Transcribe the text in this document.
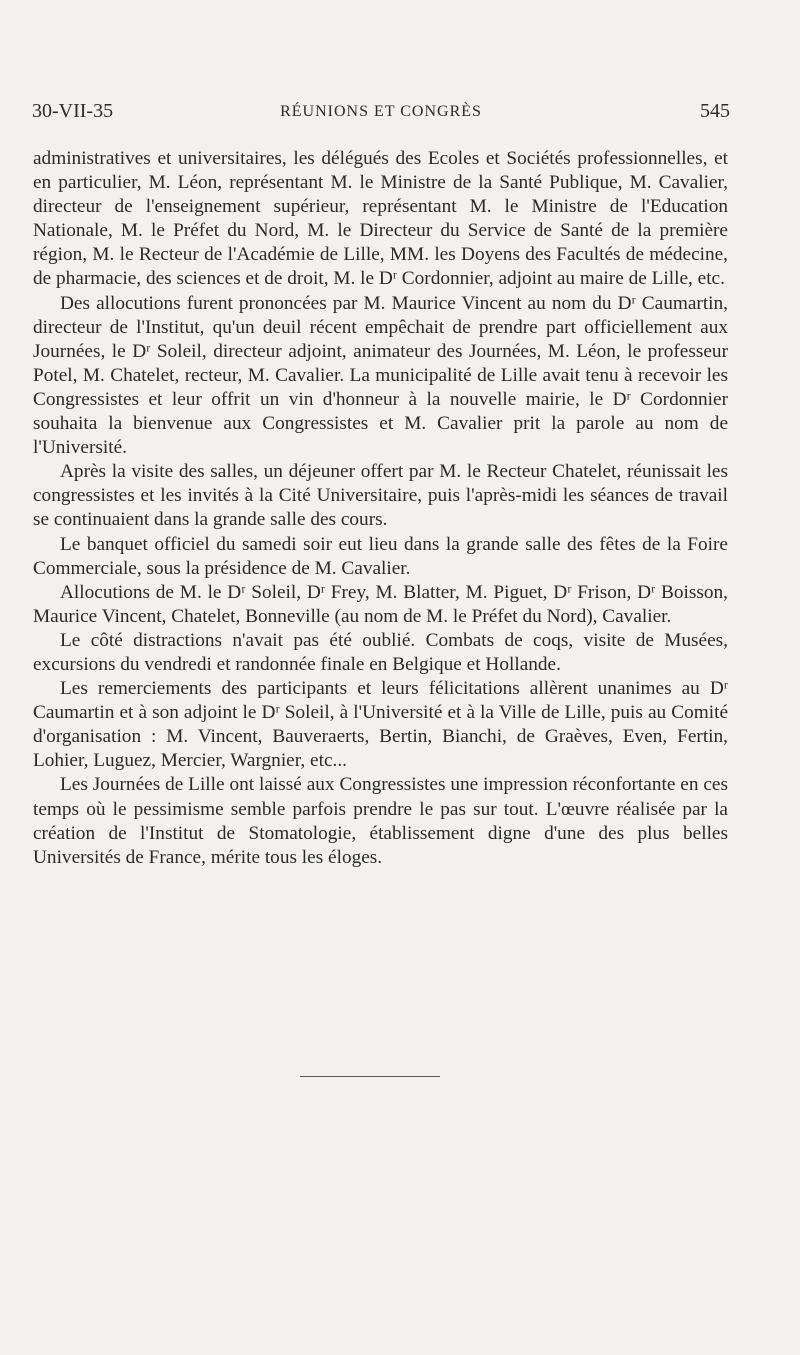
30-VII-35	RÉUNIONS ET CONGRÈS	545

administratives et universitaires, les délégués des Ecoles et Sociétés professionnelles, et en particulier, M. Léon, représentant M. le Ministre de la Santé Publique, M. Cavalier, directeur de l'enseignement supérieur, représentant M. le Ministre de l'Education Nationale, M. le Préfet du Nord, M. le Directeur du Service de Santé de la première région, M. le Recteur de l'Académie de Lille, MM. les Doyens des Facultés de médecine, de pharmacie, des sciences et de droit, M. le Dʳ Cordonnier, adjoint au maire de Lille, etc.

Des allocutions furent prononcées par M. Maurice Vincent au nom du Dʳ Caumartin, directeur de l'Institut, qu'un deuil récent empêchait de prendre part officiellement aux Journées, le Dʳ Soleil, directeur adjoint, animateur des Journées, M. Léon, le professeur Potel, M. Chatelet, recteur, M. Cavalier. La municipalité de Lille avait tenu à recevoir les Congressistes et leur offrit un vin d'honneur à la nouvelle mairie, le Dʳ Cordonnier souhaita la bienvenue aux Congressistes et M. Cavalier prit la parole au nom de l'Université.

Après la visite des salles, un déjeuner offert par M. le Recteur Chatelet, réunissait les congressistes et les invités à la Cité Universitaire, puis l'après-midi les séances de travail se continuaient dans la grande salle des cours.

Le banquet officiel du samedi soir eut lieu dans la grande salle des fêtes de la Foire Commerciale, sous la présidence de M. Cavalier.

Allocutions de M. le Dʳ Soleil, Dʳ Frey, M. Blatter, M. Piguet, Dʳ Frison, Dʳ Boisson, Maurice Vincent, Chatelet, Bonneville (au nom de M. le Préfet du Nord), Cavalier.

Le côté distractions n'avait pas été oublié. Combats de coqs, visite de Musées, excursions du vendredi et randonnée finale en Belgique et Hollande.

Les remerciements des participants et leurs félicitations allèrent unanimes au Dʳ Caumartin et à son adjoint le Dʳ Soleil, à l'Université et à la Ville de Lille, puis au Comité d'organisation : M. Vincent, Bauveraerts, Bertin, Bianchi, de Graèves, Even, Fertin, Lohier, Luguez, Mercier, Wargnier, etc...

Les Journées de Lille ont laissé aux Congressistes une impression réconfortante en ces temps où le pessimisme semble parfois prendre le pas sur tout. L'œuvre réalisée par la création de l'Institut de Stomatologie, établissement digne d'une des plus belles Universités de France, mérite tous les éloges.
